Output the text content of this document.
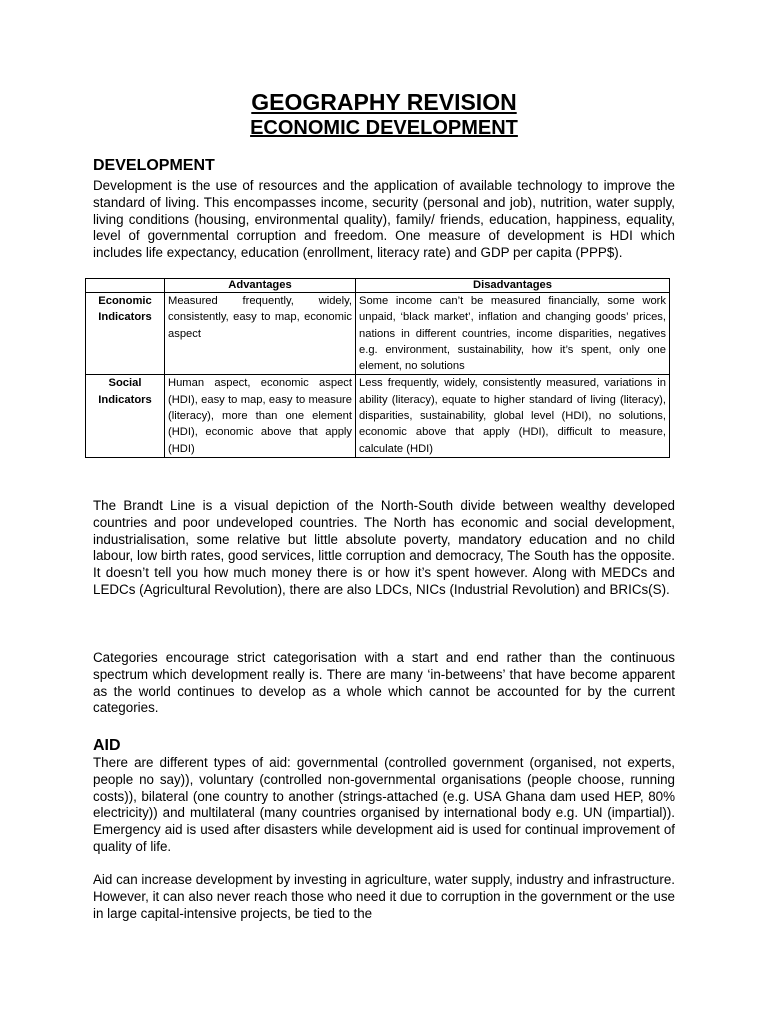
GEOGRAPHY REVISION
ECONOMIC DEVELOPMENT
DEVELOPMENT

Development is the use of resources and the application of available technology to improve the standard of living. This encompasses income, security (personal and job), nutrition, water supply, living conditions (housing, environmental quality), family/ friends, education, happiness, equality, level of governmental corruption and freedom. One measure of development is HDI which includes life expectancy, education (enrollment, literacy rate) and GDP per capita (PPP$).

	Advantages	Disadvantages
Economic Indicators	Measured frequently, widely, consistently, easy to map, economic aspect	Some income can’t be measured financially, some work unpaid, ‘black market’, inflation and changing goods’ prices, nations in different countries, income disparities, negatives e.g. environment, sustainability, how it’s spent, only one element, no solutions
Social Indicators	Human aspect, economic aspect (HDI), easy to map, easy to measure (literacy), more than one element (HDI), economic above that apply (HDI)	Less frequently, widely, consistently measured, variations in ability (literacy), equate to higher standard of living (literacy), disparities, sustainability, global level (HDI), no solutions, economic above that apply (HDI), difficult to measure, calculate (HDI)

The Brandt Line is a visual depiction of the North-South divide between wealthy developed countries and poor undeveloped countries. The North has economic and social development, industrialisation, some relative but little absolute poverty, mandatory education and no child labour, low birth rates, good services, little corruption and democracy, The South has the opposite. It doesn’t tell you how much money there is or how it’s spent however. Along with MEDCs and LEDCs (Agricultural Revolution), there are also LDCs, NICs (Industrial Revolution) and BRICs(S).

Categories encourage strict categorisation with a start and end rather than the continuous spectrum which development really is. There are many ‘in-betweens’ that have become apparent as the world continues to develop as a whole which cannot be accounted for by the current categories.

AID

There are different types of aid: governmental (controlled government (organised, not experts, people no say)), voluntary (controlled non-governmental organisations (people choose, running costs)), bilateral (one country to another (strings-attached (e.g. USA Ghana dam used HEP, 80% electricity)) and multilateral (many countries organised by international body e.g. UN (impartial)). Emergency aid is used after disasters while development aid is used for continual improvement of quality of life.

Aid can increase development by investing in agriculture, water supply, industry and infrastructure. However, it can also never reach those who need it due to corruption in the government or the use in large capital-intensive projects, be tied to the
